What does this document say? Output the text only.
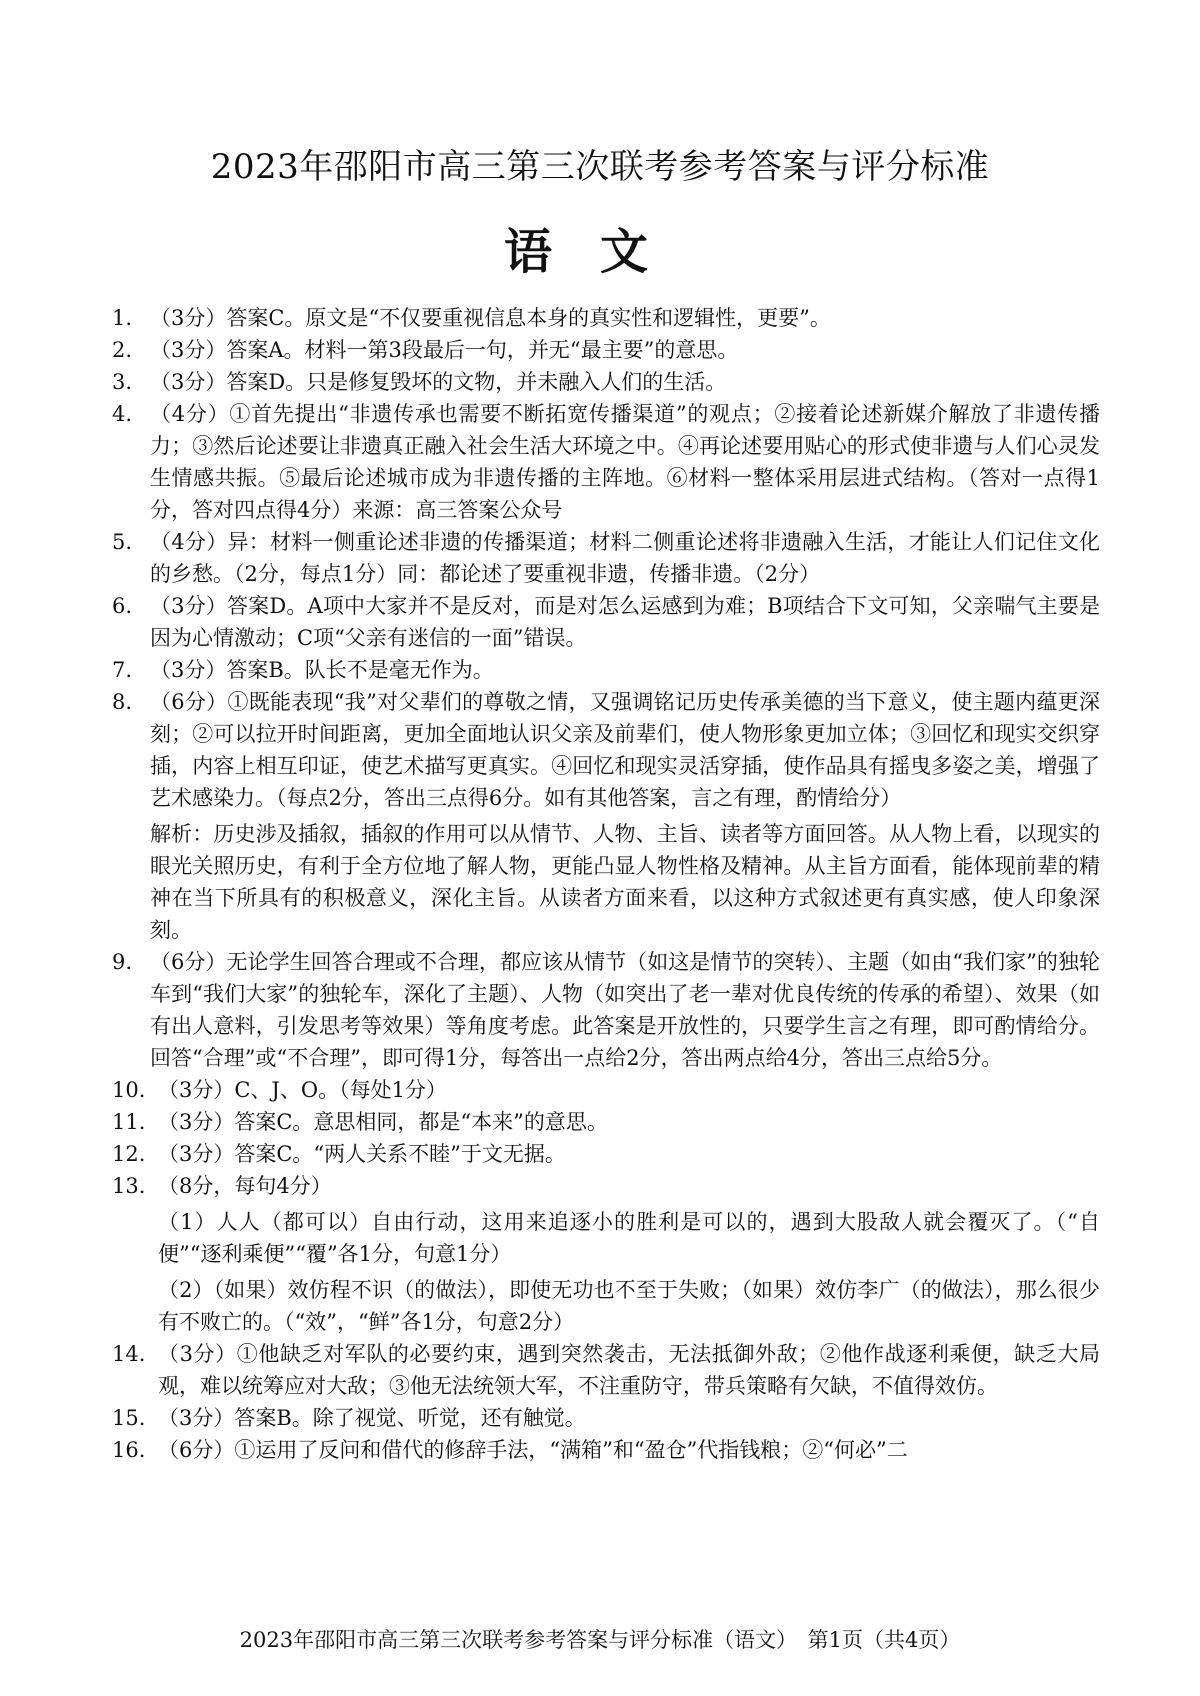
2023年邵阳市高三第三次联考参考答案与评分标准
语文
1. （3分）答案C。原文是“不仅要重视信息本身的真实性和逻辑性，更要”。
2. （3分）答案A。材料一第3段最后一句，并无“最主要”的意思。
3. （3分）答案D。只是修复毁坏的文物，并未融入人们的生活。
4. （4分）①首先提出“非遗传承也需要不断拓宽传播渠道”的观点；②接着论述新媒介解放了非遗传播力；③然后论述要让非遗真正融入社会生活大环境之中。④再论述要用贴心的形式使非遗与人们心灵发生情感共振。⑤最后论述城市成为非遗传播的主阵地。⑥材料一整体采用层进式结构。（答对一点得1分，答对四点得4分）来源：高三答案公众号
5. （4分）异：材料一侧重论述非遗的传播渠道；材料二侧重论述将非遗融入生活，才能让人们记住文化的乡愁。（2分，每点1分）同：都论述了要重视非遗，传播非遗。（2分）
6. （3分）答案D。A项中大家并不是反对，而是对怎么运感到为难；B项结合下文可知，父亲喘气主要是因为心情激动；C项“父亲有迷信的一面”错误。
7. （3分）答案B。队长不是毫无作为。
8. （6分）①既能表现“我”对父辈们的尊敬之情，又强调铭记历史传承美德的当下意义，使主题内蕴更深刻；②可以拉开时间距离，更加全面地认识父亲及前辈们，使人物形象更加立体；③回忆和现实交织穿插，内容上相互印证，使艺术描写更真实。④回忆和现实灵活穿插，使作品具有摇曳多姿之美，增强了艺术感染力。（每点2分，答出三点得6分。如有其他答案，言之有理，酌情给分）
解析：历史涉及插叙，插叙的作用可以从情节、人物、主旨、读者等方面回答。从人物上看，以现实的眼光关照历史，有利于全方位地了解人物，更能凸显人物性格及精神。从主旨方面看，能体现前辈的精神在当下所具有的积极意义，深化主旨。从读者方面来看，以这种方式叙述更有真实感，使人印象深刻。
9. （6分）无论学生回答合理或不合理，都应该从情节（如这是情节的突转）、主题（如由“我们家”的独轮车到“我们大家”的独轮车，深化了主题）、人物（如突出了老一辈对优良传统的传承的希望）、效果（如有出人意料，引发思考等效果）等角度考虑。此答案是开放性的，只要学生言之有理，即可酌情给分。回答“合理”或“不合理”，即可得1分，每答出一点给2分，答出两点给4分，答出三点给5分。
10. （3分）C、J、O。（每处1分）
11. （3分）答案C。意思相同，都是“本来”的意思。
12. （3分）答案C。“两人关系不睦”于文无据。
13. （8分，每句4分）
（1）人人（都可以）自由行动，这用来追逐小的胜利是可以的，遇到大股敌人就会覆灭了。（“自便”“逐利乘便”“覆”各1分，句意1分）
（2）（如果）效仿程不识（的做法），即使无功也不至于失败；（如果）效仿李广（的做法），那么很少有不败亡的。（“效”，“鲜”各1分，句意2分）
14. （3分）①他缺乏对军队的必要约束，遇到突然袭击，无法抵御外敌；②他作战逐利乘便，缺乏大局观，难以统筹应对大敌；③他无法统领大军，不注重防守，带兵策略有欠缺，不值得效仿。
15. （3分）答案B。除了视觉、听觉，还有触觉。
16. （6分）①运用了反问和借代的修辞手法，“满箱”和“盈仓”代指钱粮；②“何必”二
2023年邵阳市高三第三次联考参考答案与评分标准（语文）　第1页（共4页）
